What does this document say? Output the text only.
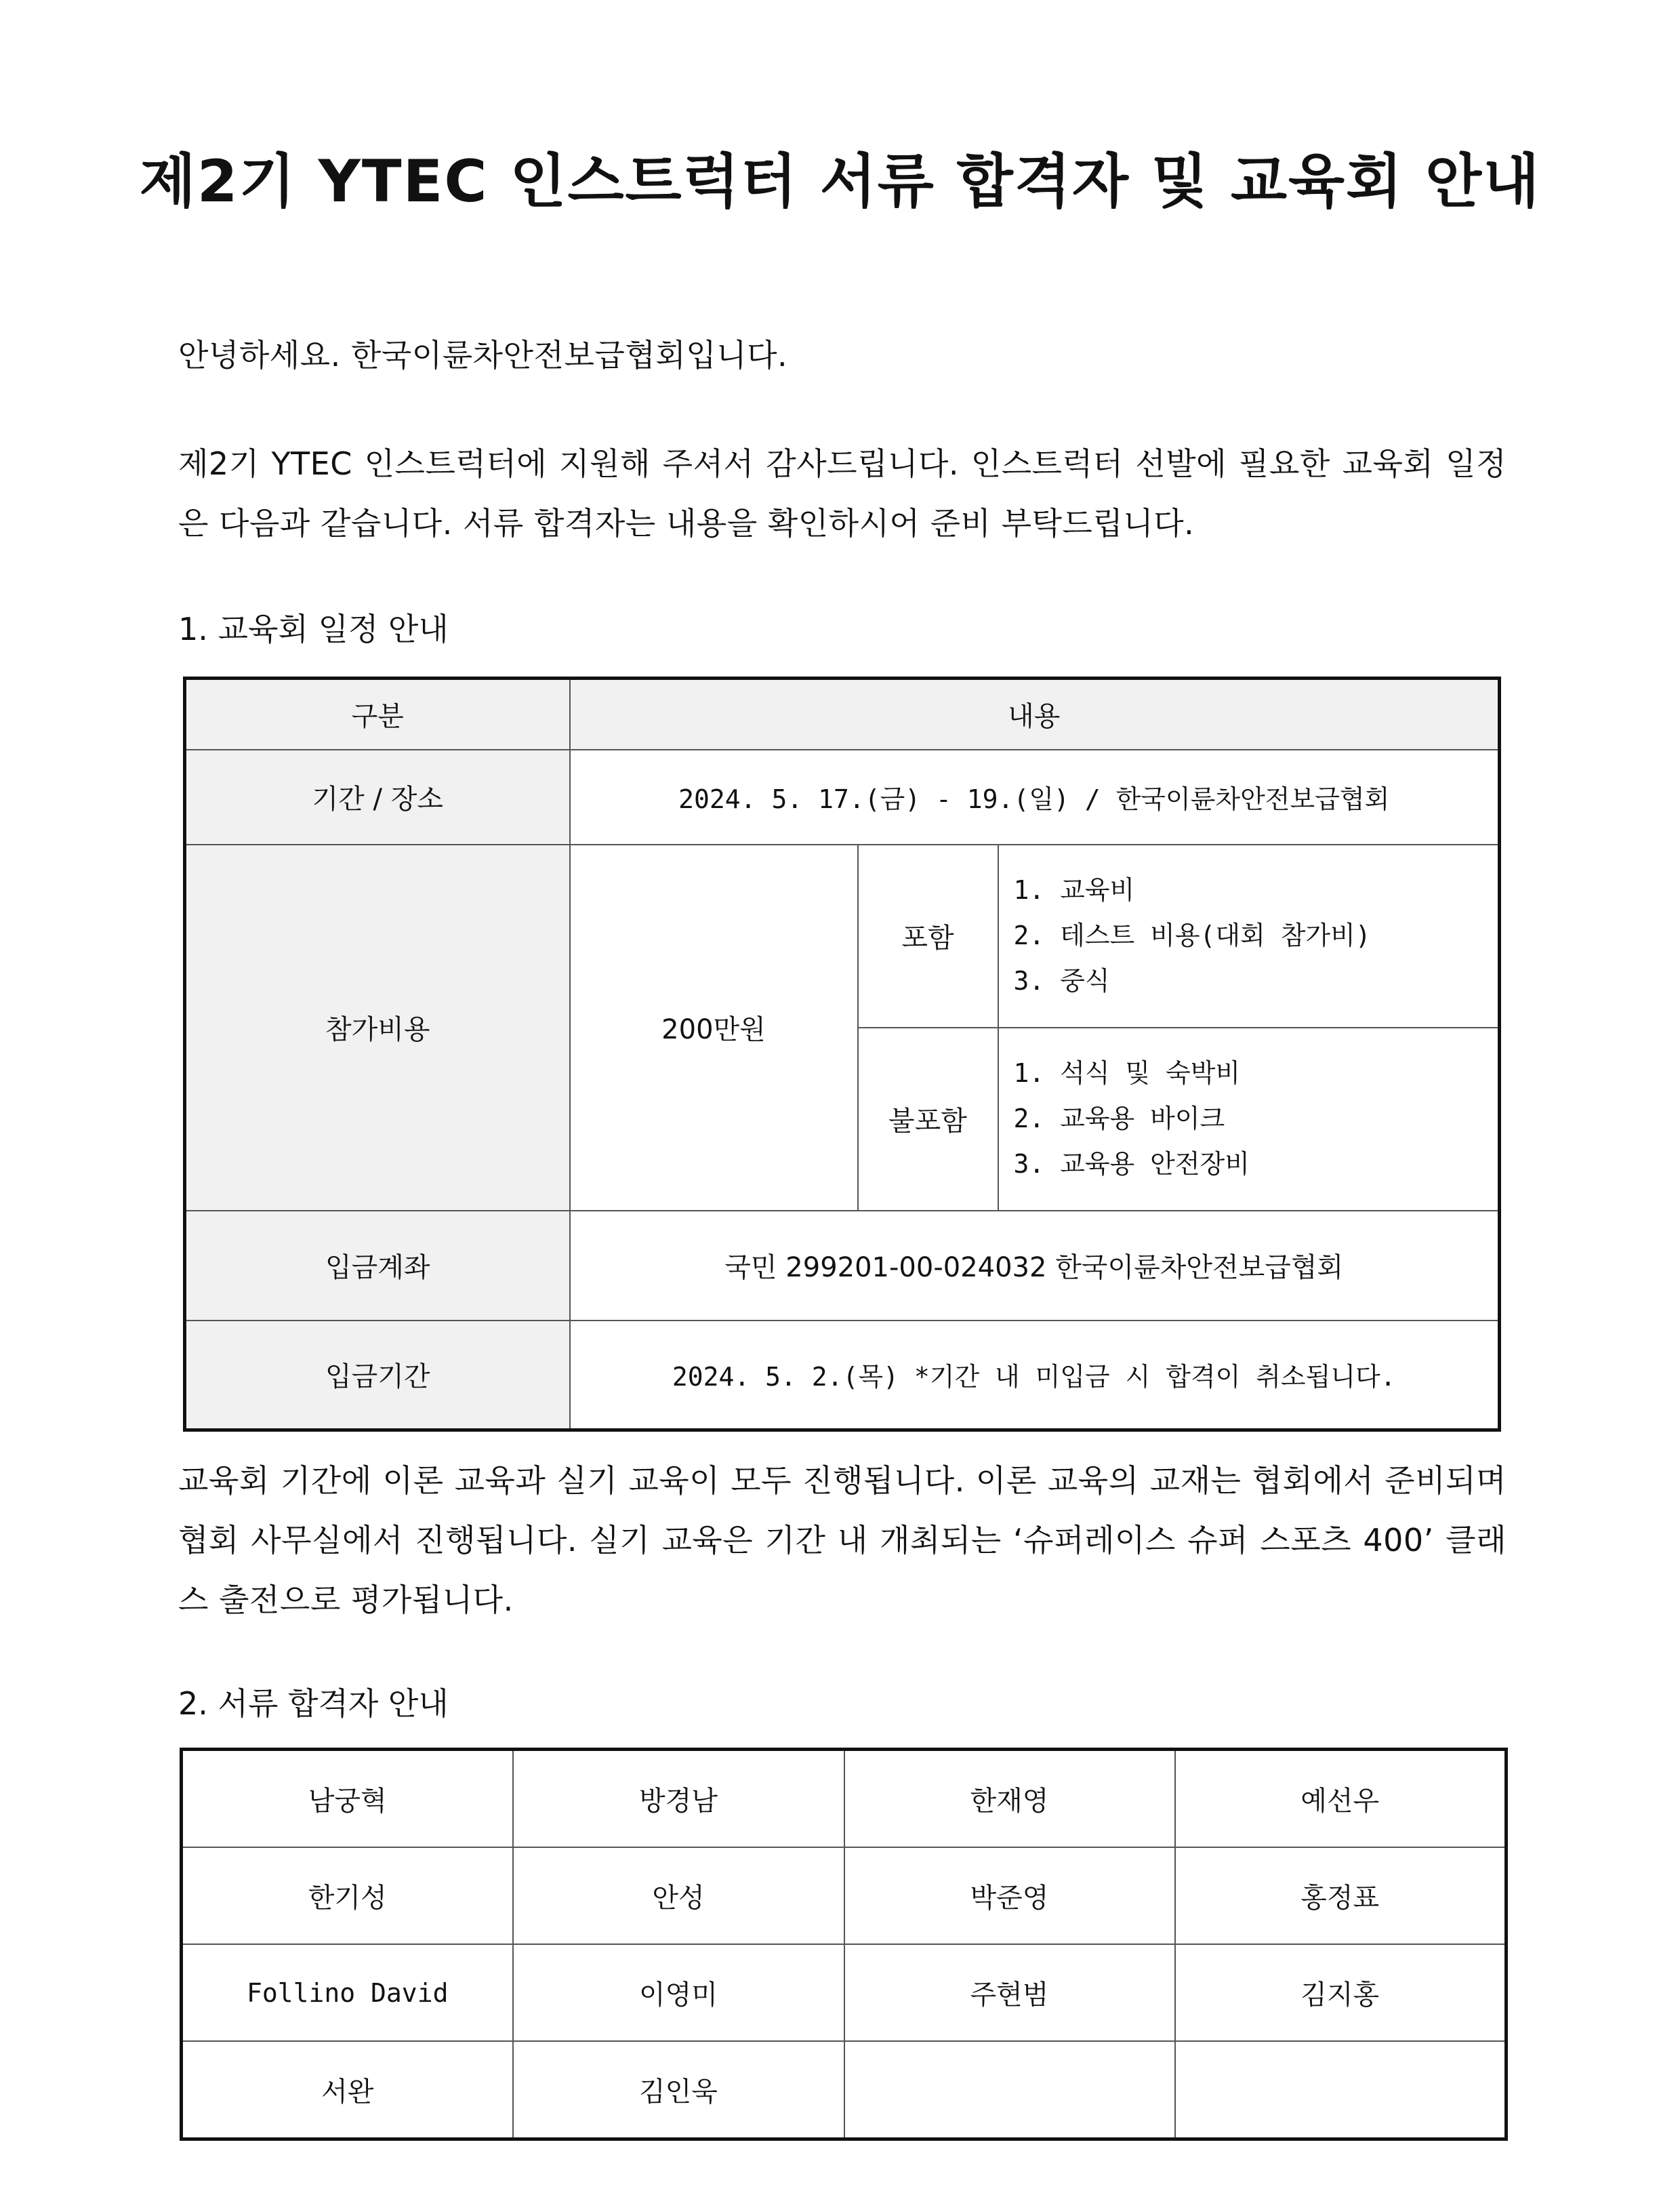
제2기 YTEC 인스트럭터 서류 합격자 및 교육회 안내
안녕하세요. 한국이륜차안전보급협회입니다.
제2기 YTEC 인스트럭터에 지원해 주셔서 감사드립니다. 인스트럭터 선발에 필요한 교육회 일정은 다음과 같습니다. 서류 합격자는 내용을 확인하시어 준비 부탁드립니다.
1. 교육회 일정 안내
구분	내용		
기간 / 장소	2024. 5. 17.(금) - 19.(일) / 한국이륜차안전보급협회		
참가비용	200만원	포함	1. 교육비
2. 테스트 비용(대회 참가비)
3. 중식

		불포함	1. 석식 및 숙박비
2. 교육용 바이크
3. 교육용 안전장비

입금계좌	국민 299201-00-024032 한국이륜차안전보급협회		
입금기간	2024. 5. 2.(목) *기간 내 미입금 시 합격이 취소됩니다.		
교육회 기간에 이론 교육과 실기 교육이 모두 진행됩니다. 이론 교육의 교재는 협회에서 준비되며 협회 사무실에서 진행됩니다. 실기 교육은 기간 내 개최되는 ‘슈퍼레이스 슈퍼 스포츠 400’ 클래스 출전으로 평가됩니다.
2. 서류 합격자 안내
남궁혁	방경남	한재영	예선우
한기성	안성	박준영	홍정표
Follino David	이영미	주현범	김지홍
서완	김인욱		
